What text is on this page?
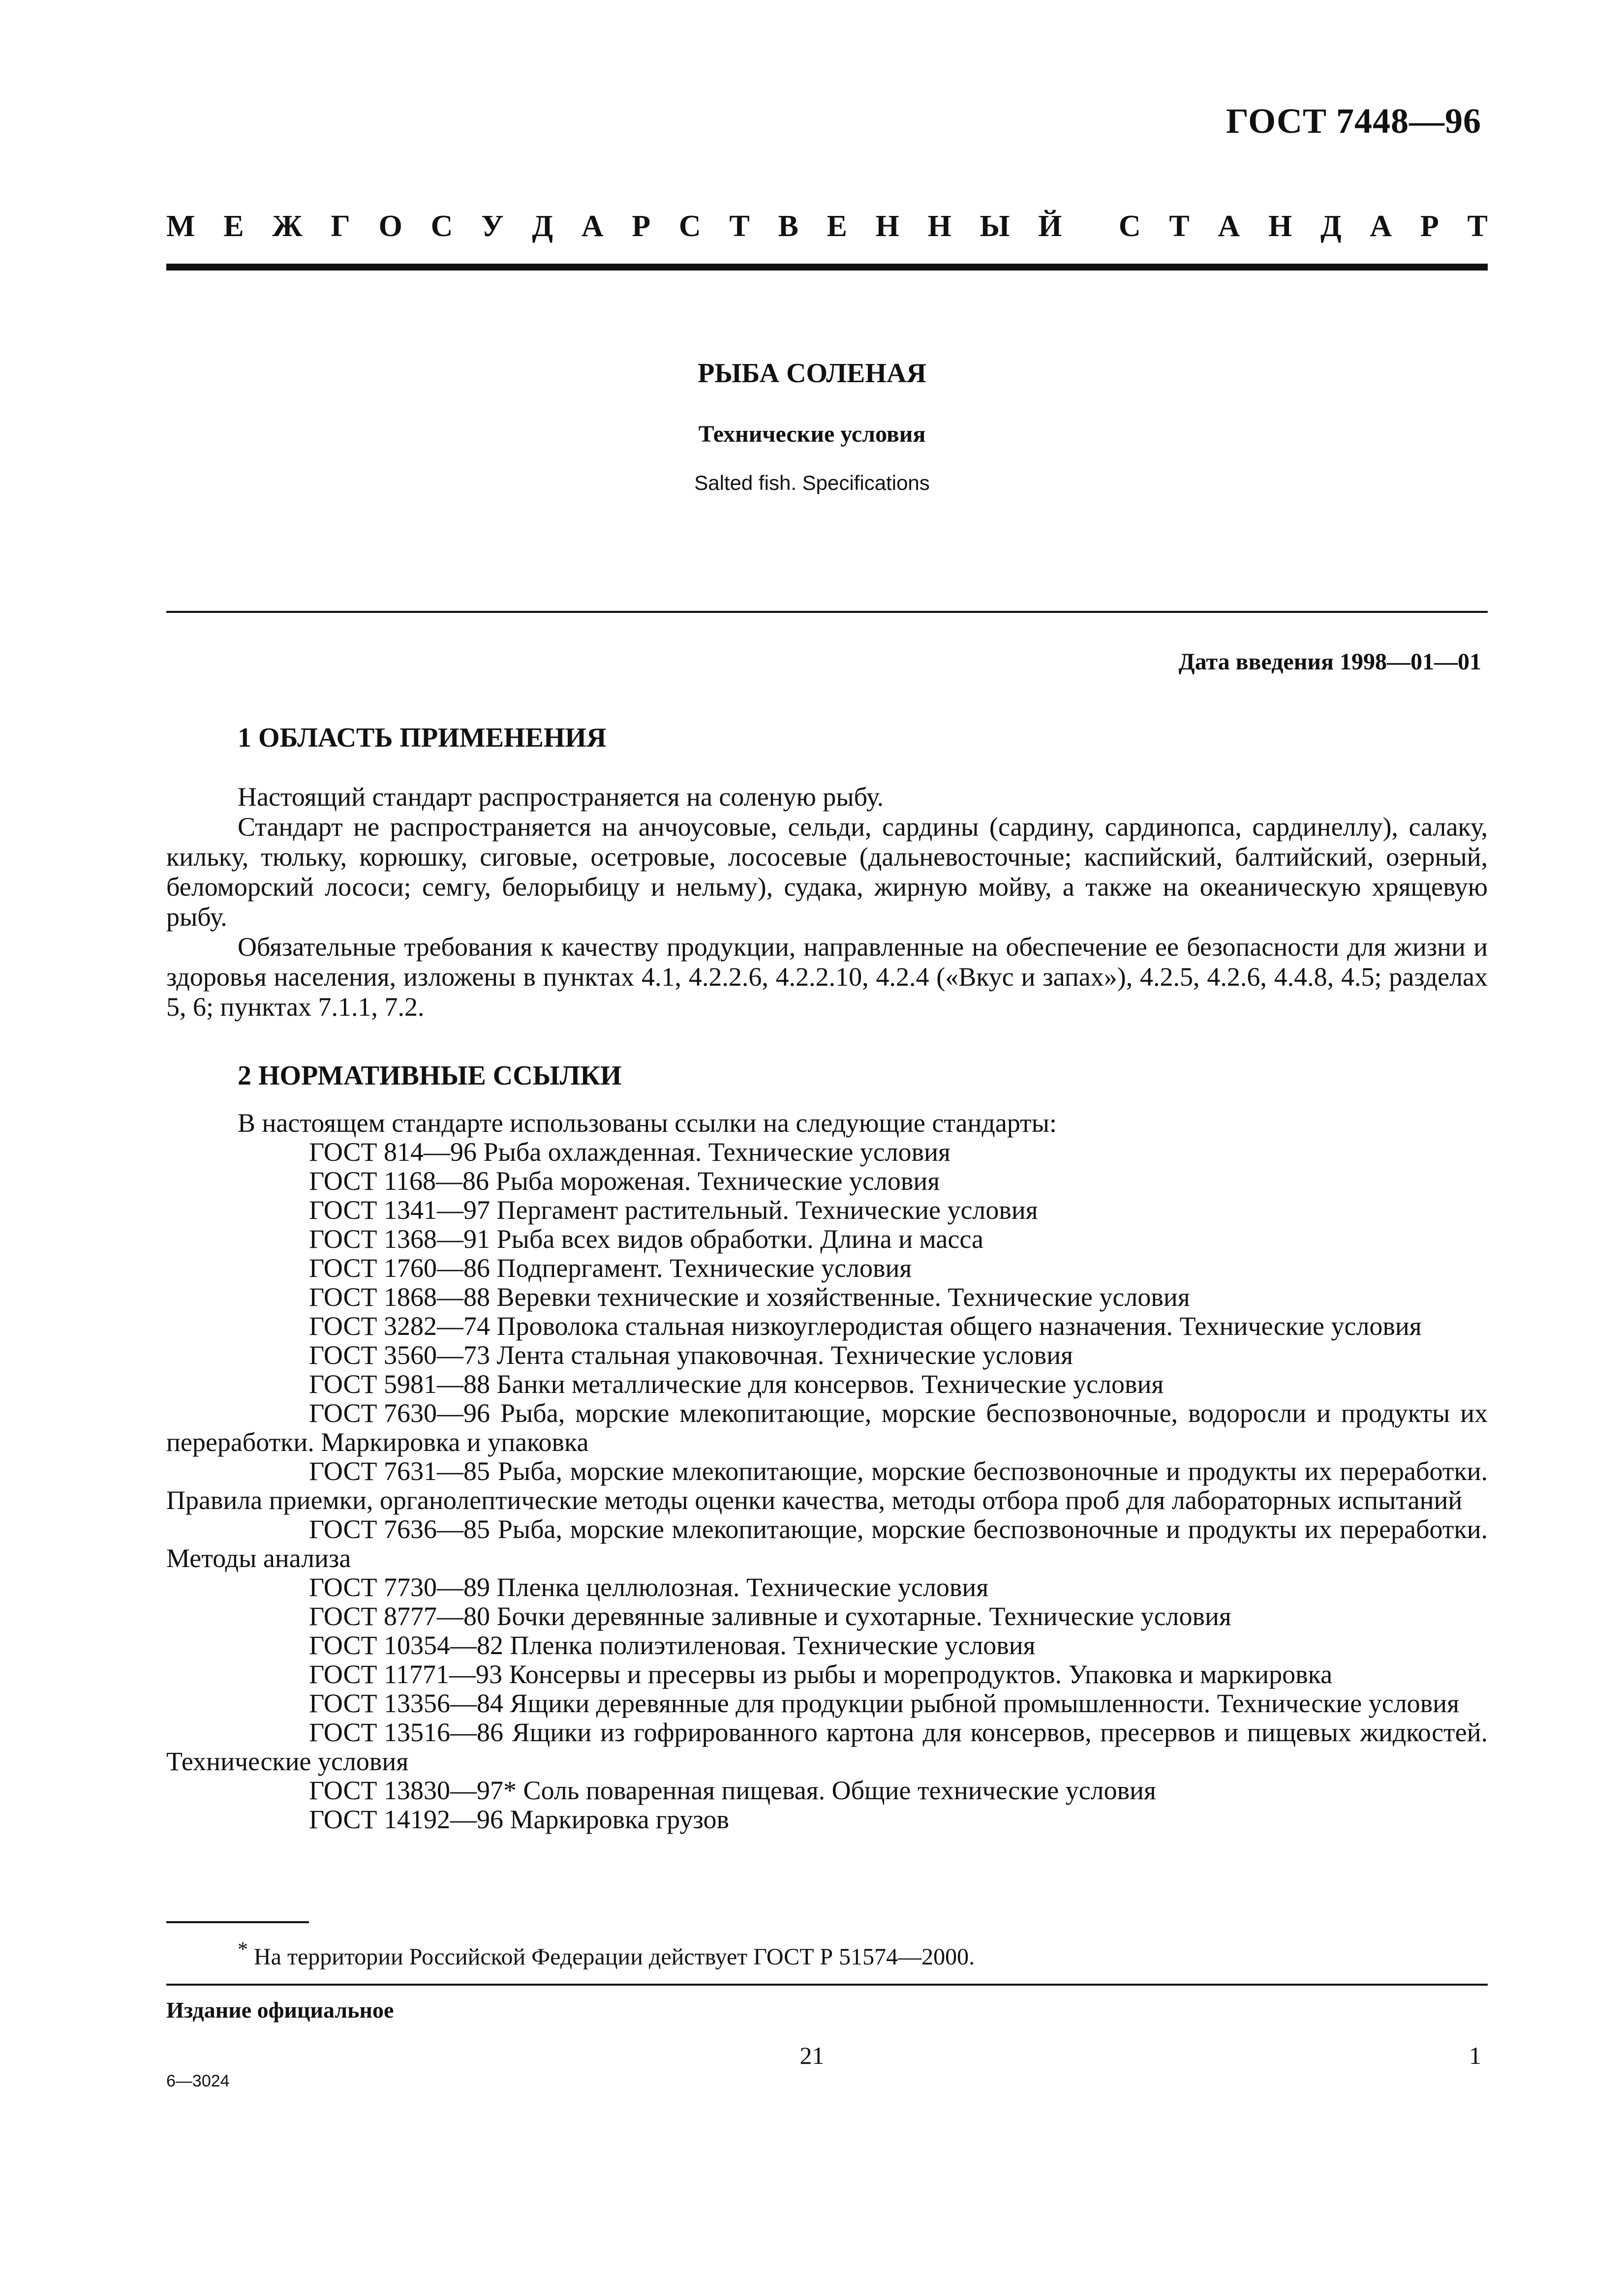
ГОСТ 7448—96
М Е Ж Г О С У Д А Р С Т В Е Н Н Ы Й С Т А Н Д А Р Т
РЫБА СОЛЕНАЯ
Технические условия
Salted fish. Specifications
Дата введения 1998—01—01
1 ОБЛАСТЬ ПРИМЕНЕНИЯ

Настоящий стандарт распространяется на соленую рыбу.

Стандарт не распространяется на анчоусовые, сельди, сардины (сардину, сардинопса, сардинеллу), салаку, кильку, тюльку, корюшку, сиговые, осетровые, лососевые (дальневосточные; каспийский, балтийский, озерный, беломорский лососи; семгу, белорыбицу и нельму), судака, жирную мойву, а также на океаническую хрящевую рыбу.

Обязательные требования к качеству продукции, направленные на обеспечение ее безопасности для жизни и здоровья населения, изложены в пунктах 4.1, 4.2.2.6, 4.2.2.10, 4.2.4 («Вкус и запах»), 4.2.5, 4.2.6, 4.4.8, 4.5; разделах 5, 6; пунктах 7.1.1, 7.2.

2 НОРМАТИВНЫЕ ССЫЛКИ

В настоящем стандарте использованы ссылки на следующие стандарты:

ГОСТ 814—96 Рыба охлажденная. Технические условия

ГОСТ 1168—86 Рыба мороженая. Технические условия

ГОСТ 1341—97 Пергамент растительный. Технические условия

ГОСТ 1368—91 Рыба всех видов обработки. Длина и масса

ГОСТ 1760—86 Подпергамент. Технические условия

ГОСТ 1868—88 Веревки технические и хозяйственные. Технические условия

ГОСТ 3282—74 Проволока стальная низкоуглеродистая общего назначения. Технические условия

ГОСТ 3560—73 Лента стальная упаковочная. Технические условия

ГОСТ 5981—88 Банки металлические для консервов. Технические условия

ГОСТ 7630—96 Рыба, морские млекопитающие, морские беспозвоночные, водоросли и продукты их переработки. Маркировка и упаковка

ГОСТ 7631—85 Рыба, морские млекопитающие, морские беспозвоночные и продукты их переработки. Правила приемки, органолептические методы оценки качества, методы отбора проб для лабораторных испытаний

ГОСТ 7636—85 Рыба, морские млекопитающие, морские беспозвоночные и продукты их переработки. Методы анализа

ГОСТ 7730—89 Пленка целлюлозная. Технические условия

ГОСТ 8777—80 Бочки деревянные заливные и сухотарные. Технические условия

ГОСТ 10354—82 Пленка полиэтиленовая. Технические условия

ГОСТ 11771—93 Консервы и пресервы из рыбы и морепродуктов. Упаковка и маркировка

ГОСТ 13356—84 Ящики деревянные для продукции рыбной промышленности. Технические условия

ГОСТ 13516—86 Ящики из гофрированного картона для консервов, пресервов и пищевых жидкостей. Технические условия

ГОСТ 13830—97* Соль поваренная пищевая. Общие технические условия

ГОСТ 14192—96 Маркировка грузов

* На территории Российской Федерации действует ГОСТ Р 51574—2000.
Издание официальное
21	1
6—3024
